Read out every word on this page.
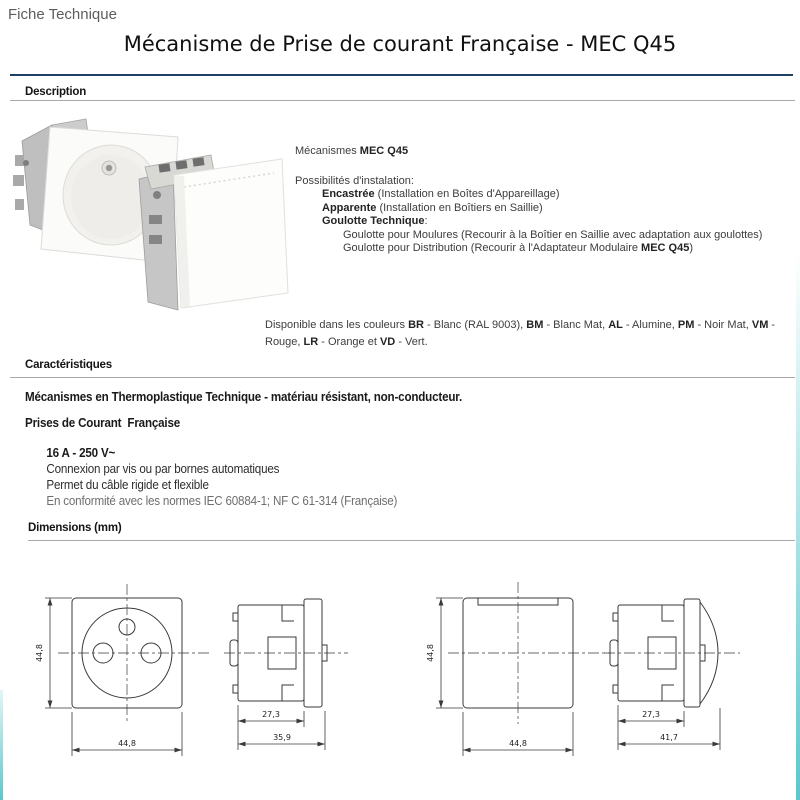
Fiche Technique
Mécanisme de Prise de courant Française - MEC Q45
Description

Mécanismes MEC Q45

Possibilités d'instalation:

Encastrée (Installation en Boîtes d'Appareillage)

Apparente (Installation en Boîtiers en Saillie)

Goulotte Technique:

Goulotte pour Moulures (Recourir à la Boîtier en Saillie avec adaptation aux goulottes)

Goulotte pour Distribution (Recourir à l'Adaptateur Modulaire MEC Q45)

Disponible dans les couleurs BR - Blanc (RAL 9003), BM - Blanc Mat, AL - Alumine, PM - Noir Mat, VM - Rouge, LR - Orange et VD - Vert.

Caractéristiques

Mécanismes en Thermoplastique Technique - matériau résistant, non-conducteur.

Prises de Courant  Française

16 A - 250 V~

Connexion par vis ou par bornes automatiques

Permet du câble rigide et flexible

En conformité avec les normes IEC 60884-1; NF C 61-314 (Française)

Dimensions (mm)
44,8
44,8
27,3
35,9
44,8
44,8
27,3
41,7
